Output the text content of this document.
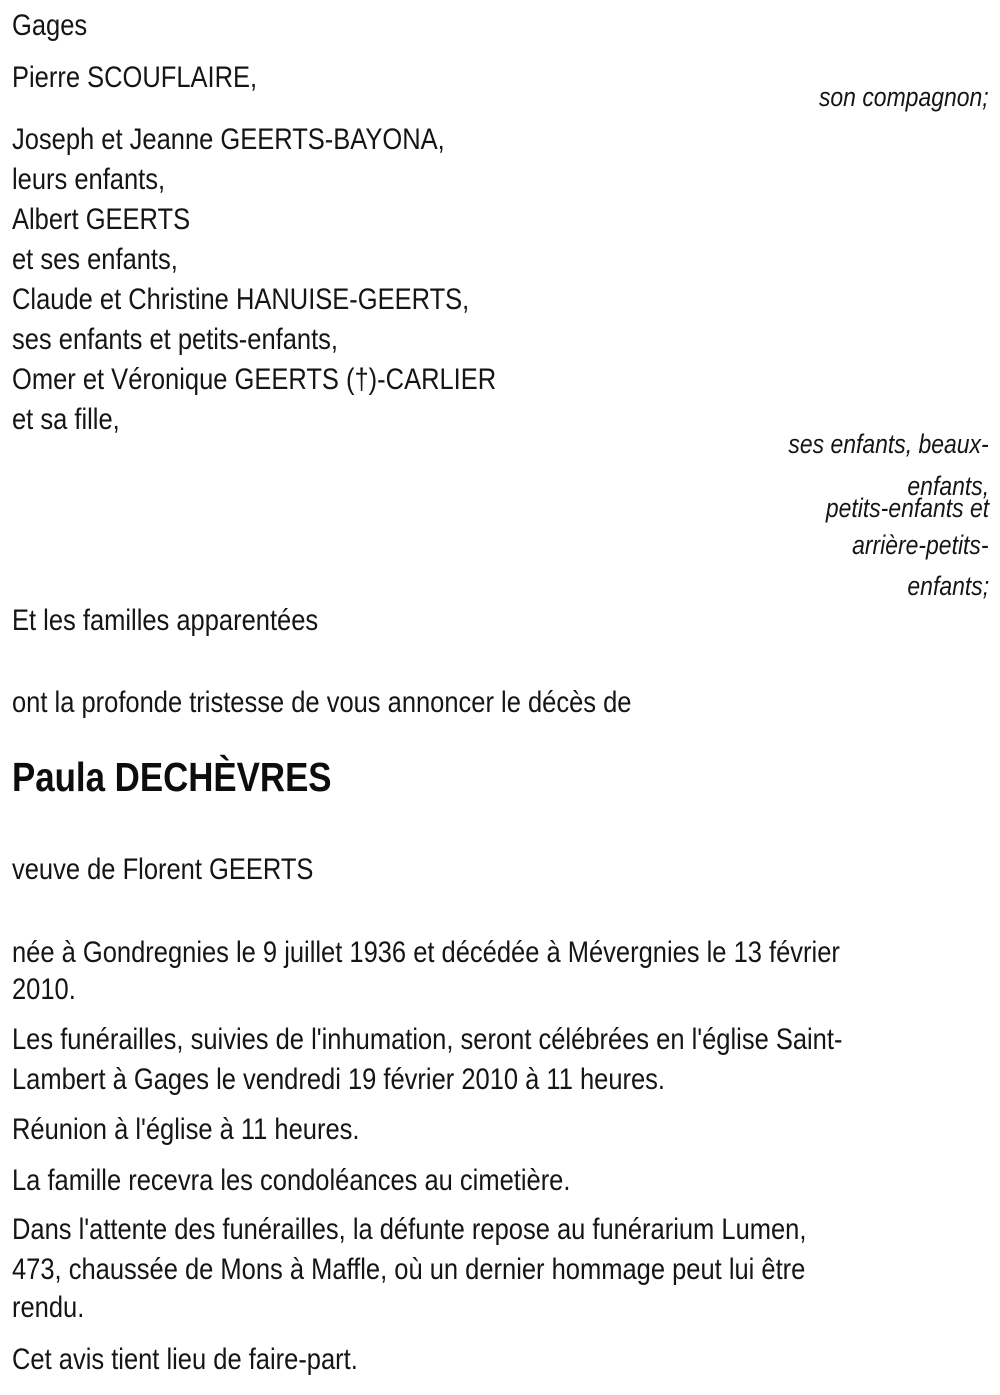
Gages
Pierre SCOUFLAIRE,
son compagnon;
Joseph et Jeanne GEERTS-BAYONA,
leurs enfants,
Albert GEERTS
et ses enfants,
Claude et Christine HANUISE-GEERTS,
ses enfants et petits-enfants,
Omer et Véronique GEERTS (†)-CARLIER
et sa fille,
ses enfants, beaux-
enfants,
petits-enfants et
arrière-petits-
enfants;
Et les familles apparentées
ont la profonde tristesse de vous annoncer le décès de
Paula DECHÈVRES
veuve de Florent GEERTS
née à Gondregnies le 9 juillet 1936 et décédée à Mévergnies le 13 février
2010.
Les funérailles, suivies de l'inhumation, seront célébrées en l'église Saint-
Lambert à Gages le vendredi 19 février 2010 à 11 heures.
Réunion à l'église à 11 heures.
La famille recevra les condoléances au cimetière.
Dans l'attente des funérailles, la défunte repose au funérarium Lumen,
473, chaussée de Mons à Maffle, où un dernier hommage peut lui être
rendu.
Cet avis tient lieu de faire-part.
